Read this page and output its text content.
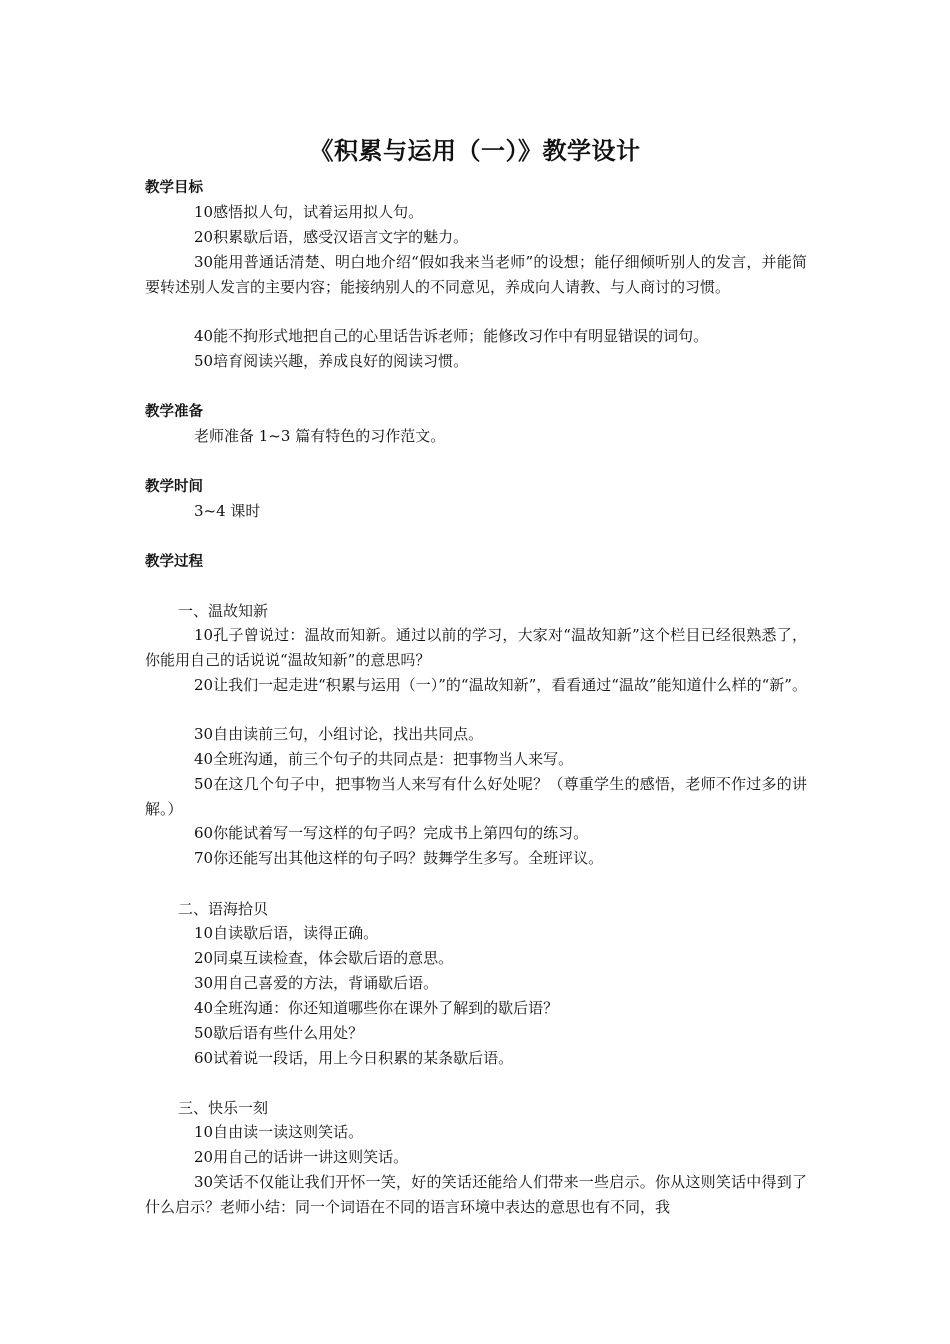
《积累与运用（一）》教学设计
教学目标

10感悟拟人句，试着运用拟人句。

20积累歇后语，感受汉语言文字的魅力。

30能用普通话清楚、明白地介绍“假如我来当老师”的设想；能仔细倾听别人的发言，并能简要转述别人发言的主要内容；能接纳别人的不同意见，养成向人请教、与人商讨的习惯。

40能不拘形式地把自己的心里话告诉老师；能修改习作中有明显错误的词句。

50培育阅读兴趣，养成良好的阅读习惯。

教学准备

老师准备 1~3 篇有特色的习作范文。

教学时间

3~4 课时

教学过程
一、温故知新

10孔子曾说过：温故而知新。通过以前的学习，大家对“温故知新”这个栏目已经很熟悉了，你能用自己的话说说“温故知新”的意思吗？

20让我们一起走进“积累与运用（一）”的“温故知新”，看看通过“温故”能知道什么样的“新”。

30自由读前三句，小组讨论，找出共同点。

40全班沟通，前三个句子的共同点是：把事物当人来写。

50在这几个句子中，把事物当人来写有什么好处呢？（尊重学生的感悟，老师不作过多的讲解。）

60你能试着写一写这样的句子吗？完成书上第四句的练习。

70你还能写出其他这样的句子吗？鼓舞学生多写。全班评议。

二、语海拾贝

10自读歇后语，读得正确。

20同桌互读检查，体会歇后语的意思。

30用自己喜爱的方法，背诵歇后语。

40全班沟通：你还知道哪些你在课外了解到的歇后语？

50歇后语有些什么用处？

60试着说一段话，用上今日积累的某条歇后语。

三、快乐一刻

10自由读一读这则笑话。

20用自己的话讲一讲这则笑话。

30笑话不仅能让我们开怀一笑，好的笑话还能给人们带来一些启示。你从这则笑话中得到了什么启示？老师小结：同一个词语在不同的语言环境中表达的意思也有不同，我
